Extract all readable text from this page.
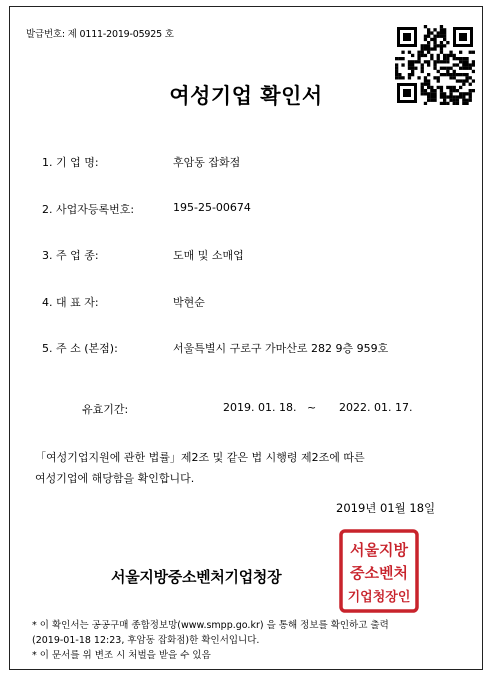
발급번호: 제 0111-2019-05925 호
여성기업 확인서
1. 기 업 명:	후암동 잡화점
2. 사업자등록번호:	195-25-00674
3. 주 업 종:	도매 및 소매업
4. 대 표 자:	박현순
5. 주 소 (본점):	서울특별시 구로구 가마산로 282 9층 959호
유효기간:	2019. 01. 18. ~ 2022. 01. 17.
「여성기업지원에 관한 법률」제2조 및 같은 법 시행령 제2조에 따른
여성기업에 해당함을 확인합니다.
2019년 01월 18일
서울지방중소벤처기업청장
서울지방
중소벤처
기업청장인
* 이 확인서는 공공구매 종합정보망(www.smpp.go.kr) 을 통해 정보를 확인하고 출력
(2019-01-18 12:23, 후암동 잡화점)한 확인서입니다.
* 이 문서를 위 변조 시 처벌을 받을 수 있음
